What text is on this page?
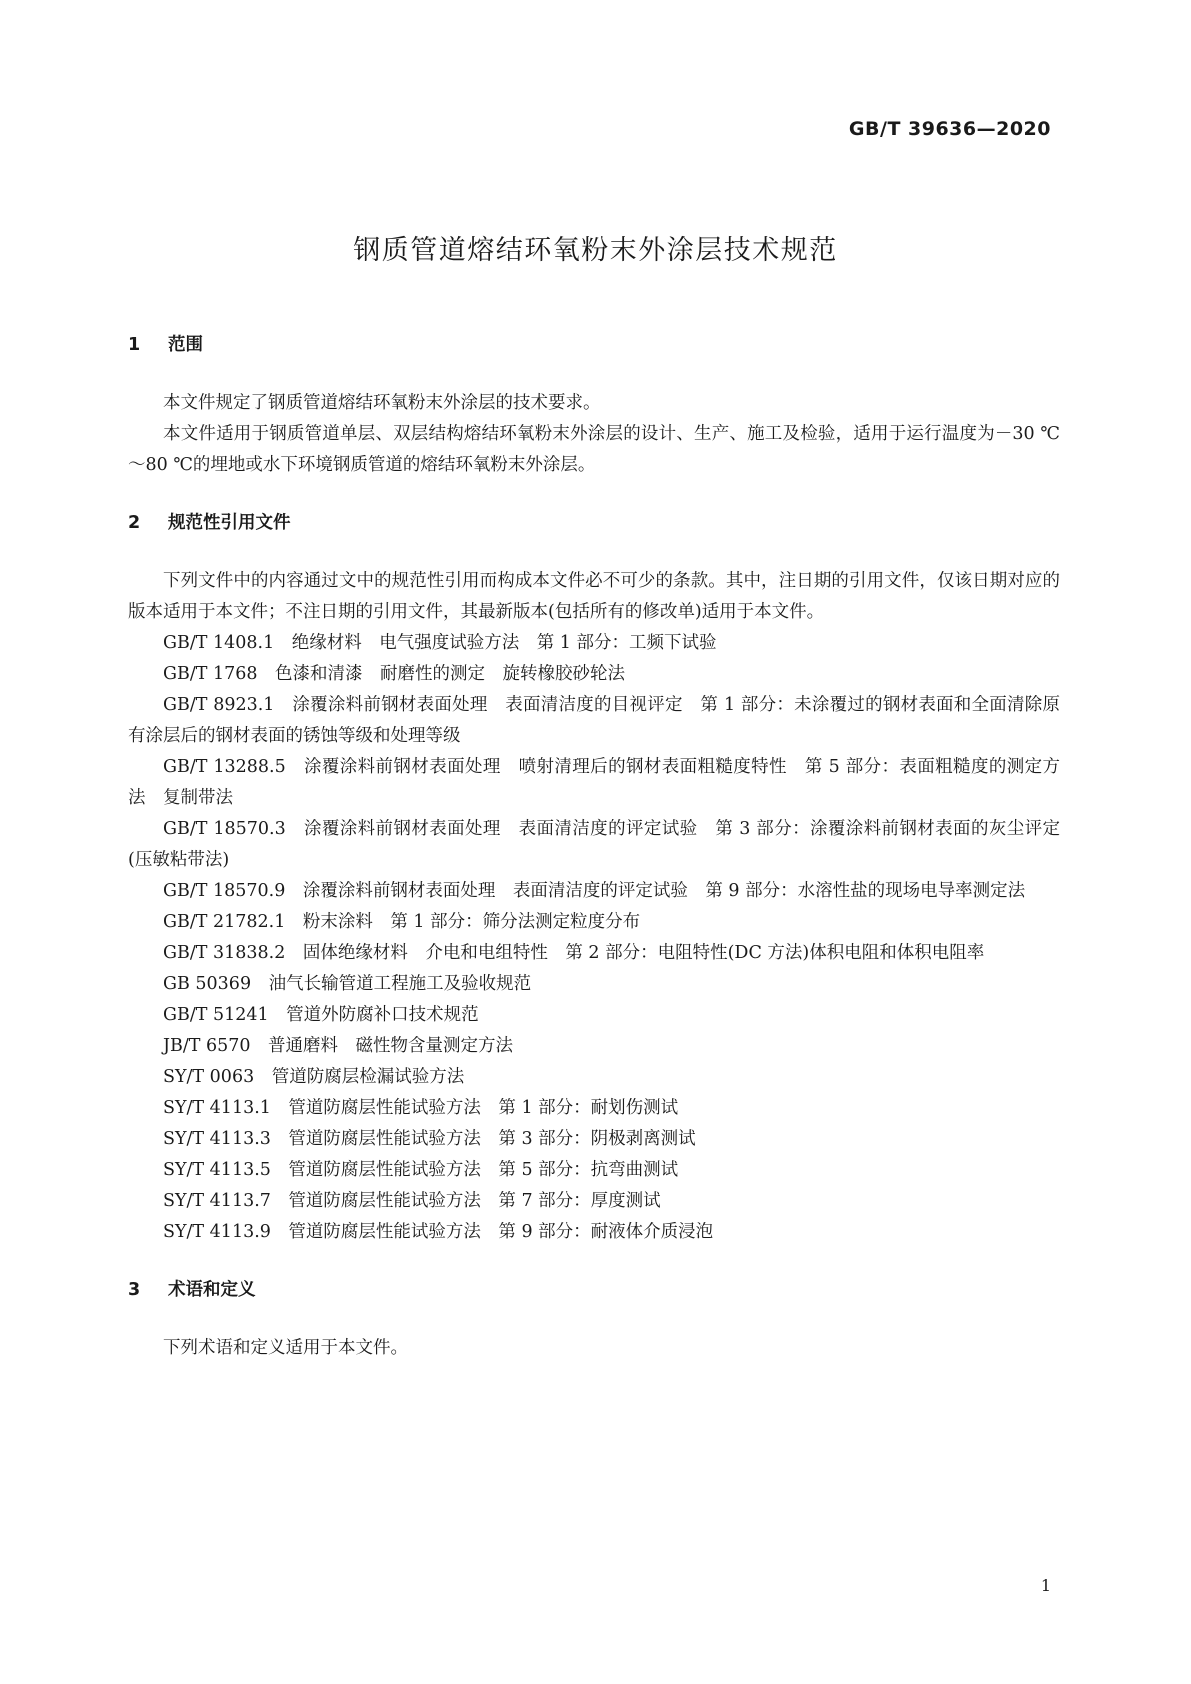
GB/T 39636—2020
钢质管道熔结环氧粉末外涂层技术规范
1 范围

本文件规定了钢质管道熔结环氧粉末外涂层的技术要求。

本文件适用于钢质管道单层、双层结构熔结环氧粉末外涂层的设计、生产、施工及检验，适用于运行温度为－30 ℃～80 ℃的埋地或水下环境钢质管道的熔结环氧粉末外涂层。

2 规范性引用文件

下列文件中的内容通过文中的规范性引用而构成本文件必不可少的条款。其中，注日期的引用文件，仅该日期对应的版本适用于本文件；不注日期的引用文件，其最新版本(包括所有的修改单)适用于本文件。

GB/T 1408.1　绝缘材料　电气强度试验方法　第 1 部分：工频下试验

GB/T 1768　色漆和清漆　耐磨性的测定　旋转橡胶砂轮法

GB/T 8923.1　涂覆涂料前钢材表面处理　表面清洁度的目视评定　第 1 部分：未涂覆过的钢材表面和全面清除原有涂层后的钢材表面的锈蚀等级和处理等级

GB/T 13288.5　涂覆涂料前钢材表面处理　喷射清理后的钢材表面粗糙度特性　第 5 部分：表面粗糙度的测定方法　复制带法

GB/T 18570.3　涂覆涂料前钢材表面处理　表面清洁度的评定试验　第 3 部分：涂覆涂料前钢材表面的灰尘评定(压敏粘带法)

GB/T 18570.9　涂覆涂料前钢材表面处理　表面清洁度的评定试验　第 9 部分：水溶性盐的现场电导率测定法

GB/T 21782.1　粉末涂料　第 1 部分：筛分法测定粒度分布

GB/T 31838.2　固体绝缘材料　介电和电组特性　第 2 部分：电阻特性(DC 方法)体积电阻和体积电阻率

GB 50369　油气长输管道工程施工及验收规范

GB/T 51241　管道外防腐补口技术规范

JB/T 6570　普通磨料　磁性物含量测定方法

SY/T 0063　管道防腐层检漏试验方法

SY/T 4113.1　管道防腐层性能试验方法　第 1 部分：耐划伤测试

SY/T 4113.3　管道防腐层性能试验方法　第 3 部分：阴极剥离测试

SY/T 4113.5　管道防腐层性能试验方法　第 5 部分：抗弯曲测试

SY/T 4113.7　管道防腐层性能试验方法　第 7 部分：厚度测试

SY/T 4113.9　管道防腐层性能试验方法　第 9 部分：耐液体介质浸泡

3 术语和定义

下列术语和定义适用于本文件。

1
